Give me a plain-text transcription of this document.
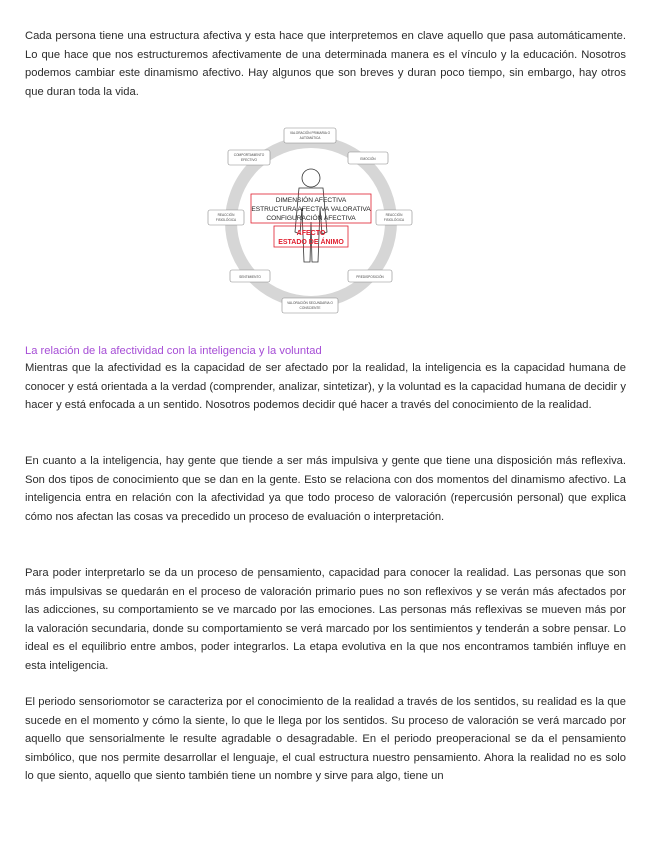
Cada persona tiene una estructura afectiva y esta hace que interpretemos en clave aquello que pasa automáticamente. Lo que hace que nos estructuremos afectivamente de una determinada manera es el vínculo y la educación. Nosotros podemos cambiar este dinamismo afectivo. Hay algunos que son breves y duran poco tiempo, sin embargo, hay otros que duran toda la vida.

DIMENSIÓN AFECTIVA
ESTRUCTURA AFECTIVA VALORATIVA
CONFIGURACIÓN AFECTIVA
AFECTO
ESTADO DE ÁNIMO
VALORACIÓN PRIMARIA O
AUTOMÁTICA
EMOCIÓN
REACCIÓN
FISIOLÓGICA
PREDISPOSICIÓN
VALORACIÓN SECUNDARIA O
CONSCIENTE
SENTIMIENTO
REACCIÓN
FISIOLÓGICA
COMPORTAMIENTO
EFECTIVO

La relación de la afectividad con la inteligencia y la voluntad

Mientras que la afectividad es la capacidad de ser afectado por la realidad, la inteligencia es la capacidad humana de conocer y está orientada a la verdad (comprender, analizar, sintetizar), y la voluntad es la capacidad humana de decidir y hacer y está enfocada a un sentido. Nosotros podemos decidir qué hacer a través del conocimiento de la realidad.

En cuanto a la inteligencia, hay gente que tiende a ser más impulsiva y gente que tiene una disposición más reflexiva. Son dos tipos de conocimiento que se dan en la gente. Esto se relaciona con dos momentos del dinamismo afectivo. La inteligencia entra en relación con la afectividad ya que todo proceso de valoración (repercusión personal) que explica cómo nos afectan las cosas va precedido un proceso de evaluación o interpretación.

Para poder interpretarlo se da un proceso de pensamiento, capacidad para conocer la realidad. Las personas que son más impulsivas se quedarán en el proceso de valoración primario pues no son reflexivos y se verán más afectados por las adicciones, su comportamiento se ve marcado por las emociones. Las personas más reflexivas se mueven más por la valoración secundaria, donde su comportamiento se verá marcado por los sentimientos y tenderán a sobre pensar. Lo ideal es el equilibrio entre ambos, poder integrarlos. La etapa evolutiva en la que nos encontramos también influye en esta inteligencia.

El periodo sensoriomotor se caracteriza por el conocimiento de la realidad a través de los sentidos, su realidad es la que sucede en el momento y cómo la siente, lo que le llega por los sentidos. Su proceso de valoración se verá marcado por aquello que sensorialmente le resulte agradable o desagradable. En el periodo preoperacional se da el pensamiento simbólico, que nos permite desarrollar el lenguaje, el cual estructura nuestro pensamiento. Ahora la realidad no es solo lo que siento, aquello que siento también tiene un nombre y sirve para algo, tiene un
